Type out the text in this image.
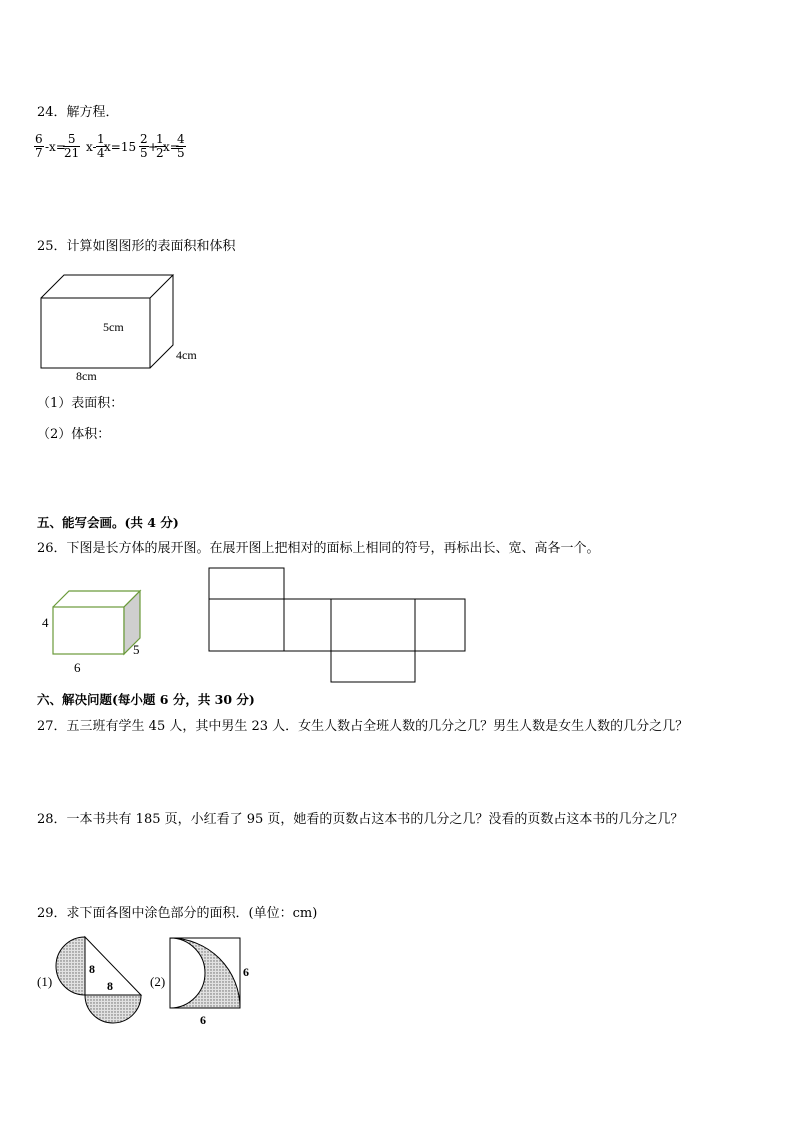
24．解方程．
$\frac{6}{7} -x=$
$\frac{5}{21} x- \frac{1}{4}$
$x=15 \frac{2}{5}$ +
$\frac{1}{2}$
x=
$\frac{4}{5}$
25．计算如图图形的表面积和体积
5cm
4cm
8cm
（1）表面积：
（2）体积：
五、能写会画。(共 4 分)
26．下图是长方体的展开图。在展开图上把相对的面标上相同的符号，再标出长、宽、高各一个。
4
5
6
六、解决问题(每小题 6 分，共 30 分)
27．五三班有学生 45 人，其中男生 23 人．女生人数占全班人数的几分之几？男生人数是女生人数的几分之几？
28．一本书共有 185 页，小红看了 95 页，她看的页数占这本书的几分之几？没看的页数占这本书的几分之几？
29．求下面各图中涂色部分的面积．(单位：cm)
(1)
8
8	(2)
6
6
